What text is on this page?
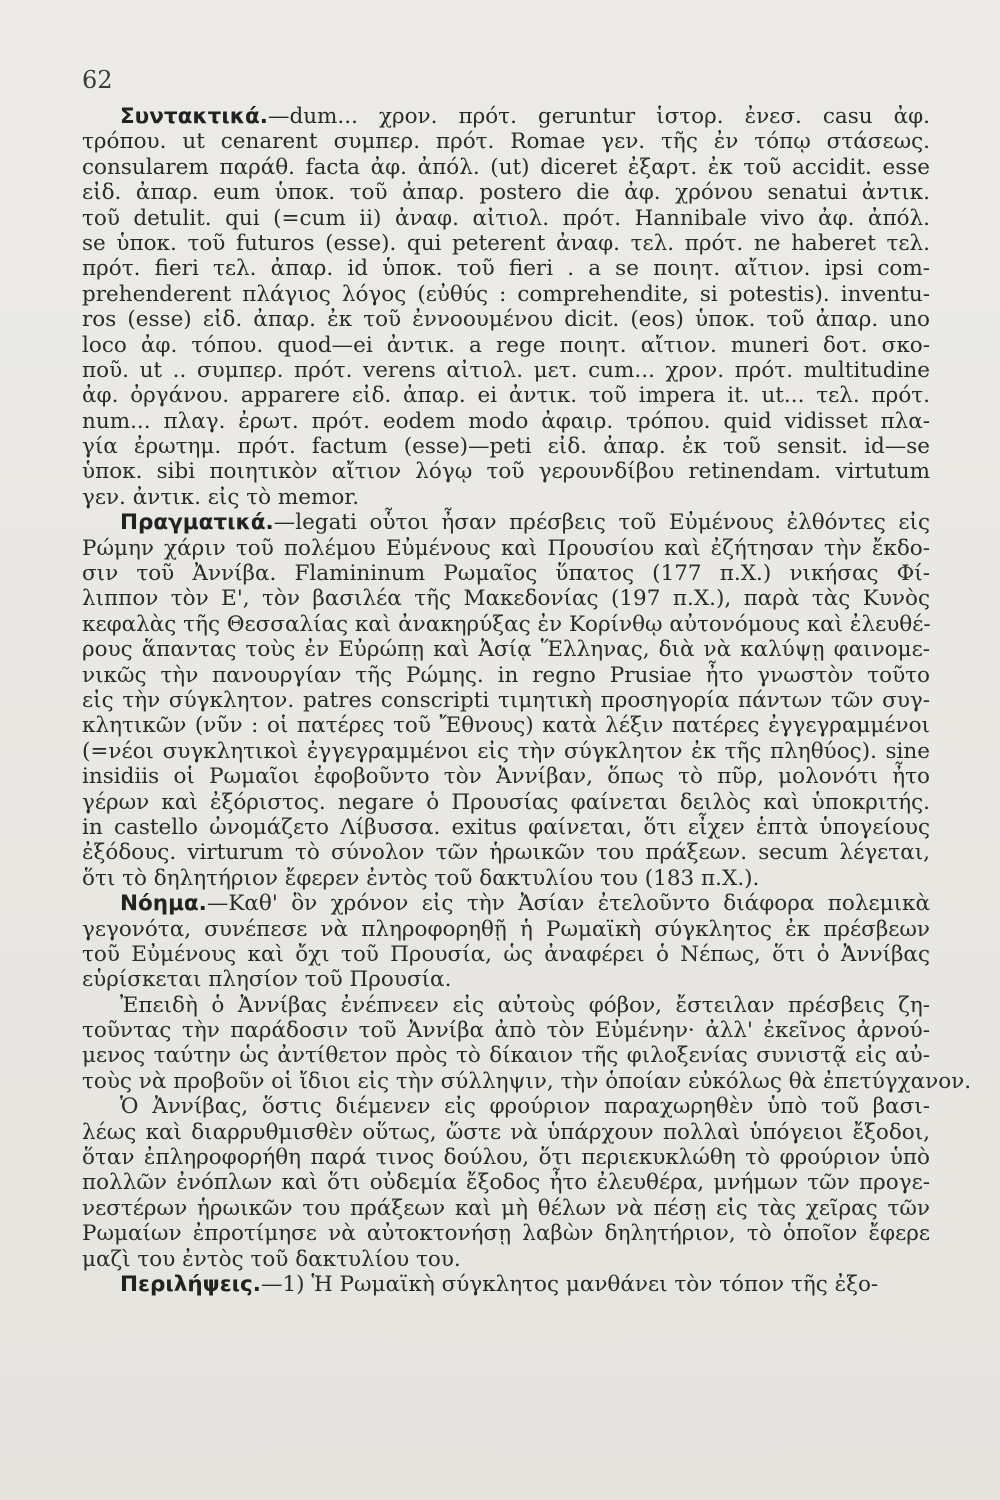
62
Συντακτικά.—dum... χρον. πρότ. geruntur ἱστορ. ἐνεσ. casu ἀφ.
τρόπου. ut cenarent συμπερ. πρότ. Romae γεν. τῆς ἐν τόπῳ στάσεως.
consularem παράθ. facta ἀφ. ἀπόλ. (ut) diceret ἐξαρτ. ἐκ τοῦ accidit. esse
εἰδ. ἀπαρ. eum ὑποκ. τοῦ ἀπαρ. postero die ἀφ. χρόνου senatui ἀντικ.
τοῦ detulit. qui (=cum ii) ἀναφ. αἰτιολ. πρότ. Hannibale vivo ἀφ. ἀπόλ.
se ὑποκ. τοῦ futuros (esse). qui peterent ἀναφ. τελ. πρότ. ne haberet τελ.
πρότ. fieri τελ. ἀπαρ. id ὑποκ. τοῦ fieri . a se ποιητ. αἴτιον. ipsi com-
prehenderent πλάγιος λόγος (εὐθύς : comprehendite, si potestis). inventu-
ros (esse) εἰδ. ἀπαρ. ἐκ τοῦ ἐννοουμένου dicit. (eos) ὑποκ. τοῦ ἀπαρ. uno
loco ἀφ. τόπου. quod—ei ἀντικ. a rege ποιητ. αἴτιον. muneri δοτ. σκο-
ποῦ. ut .. συμπερ. πρότ. verens αἰτιολ. μετ. cum... χρον. πρότ. multitudine
ἀφ. ὀργάνου. apparere εἰδ. ἀπαρ. ei ἀντικ. τοῦ impera it. ut... τελ. πρότ.
num... πλαγ. ἐρωτ. πρότ. eodem modo ἀφαιρ. τρόπου. quid vidisset πλα-
γία ἐρωτημ. πρότ. factum (esse)—peti εἰδ. ἀπαρ. ἐκ τοῦ sensit. id—se
ὑποκ. sibi ποιητικὸν αἴτιον λόγῳ τοῦ γερουνδίβου retinendam. virtutum
γεν. ἀντικ. εἰς τὸ memor.
Πραγματικά.—legati οὗτοι ἦσαν πρέσβεις τοῦ Εὐμένους ἐλθόντες εἰς
Ρώμην χάριν τοῦ πολέμου Εὐμένους καὶ Προυσίου καὶ ἐζήτησαν τὴν ἔκδο-
σιν τοῦ Ἀννίβα. Flamininum Ρωμαῖος ὕπατος (177 π.Χ.) νικήσας Φί-
λιππον τὸν Ε', τὸν βασιλέα τῆς Μακεδονίας (197 π.Χ.), παρὰ τὰς Κυνὸς
κεφαλὰς τῆς Θεσσαλίας καὶ ἀνακηρύξας ἐν Κορίνθῳ αὐτονόμους καὶ ἐλευθέ-
ρους ἅπαντας τοὺς ἐν Εὐρώπῃ καὶ Ἀσίᾳ Ἕλληνας, διὰ νὰ καλύψῃ φαινομε-
νικῶς τὴν πανουργίαν τῆς Ρώμης. in regno Prusiae ἦτο γνωστὸν τοῦτο
εἰς τὴν σύγκλητον. patres conscripti τιμητικὴ προσηγορία πάντων τῶν συγ-
κλητικῶν (νῦν : οἱ πατέρες τοῦ Ἔθνους) κατὰ λέξιν πατέρες ἐγγεγραμμένοι
(=νέοι συγκλητικοὶ ἐγγεγραμμένοι εἰς τὴν σύγκλητον ἐκ τῆς πληθύος). sine
insidiis οἱ Ρωμαῖοι ἐφοβοῦντο τὸν Ἀννίβαν, ὅπως τὸ πῦρ, μολονότι ἦτο
γέρων καὶ ἐξόριστος. negare ὁ Προυσίας φαίνεται δειλὸς καὶ ὑποκριτής.
in castello ὠνομάζετο Λίβυσσα. exitus φαίνεται, ὅτι εἶχεν ἑπτὰ ὑπογείους
ἐξόδους. virturum τὸ σύνολον τῶν ἡρωικῶν του πράξεων. secum λέγεται,
ὅτι τὸ δηλητήριον ἔφερεν ἐντὸς τοῦ δακτυλίου του (183 π.Χ.).
Νόημα.—Καθ' ὃν χρόνον εἰς τὴν Ἀσίαν ἐτελοῦντο διάφορα πολεμικὰ
γεγονότα, συνέπεσε νὰ πληροφορηθῇ ἡ Ρωμαϊκὴ σύγκλητος ἐκ πρέσβεων
τοῦ Εὐμένους καὶ ὄχι τοῦ Προυσία, ὡς ἀναφέρει ὁ Νέπως, ὅτι ὁ Ἀννίβας
εὑρίσκεται πλησίον τοῦ Προυσία.
Ἐπειδὴ ὁ Ἀννίβας ἐνέπνεεν εἰς αὐτοὺς φόβον, ἔστειλαν πρέσβεις ζη-
τοῦντας τὴν παράδοσιν τοῦ Ἀννίβα ἀπὸ τὸν Εὐμένην· ἀλλ' ἐκεῖνος ἀρνού-
μενος ταύτην ὡς ἀντίθετον πρὸς τὸ δίκαιον τῆς φιλοξενίας συνιστᾷ εἰς αὐ-
τοὺς νὰ προβοῦν οἱ ἴδιοι εἰς τὴν σύλληψιν, τὴν ὁποίαν εὐκόλως θὰ ἐπετύγχανον.
Ὁ Ἀννίβας, ὅστις διέμενεν εἰς φρούριον παραχωρηθὲν ὑπὸ τοῦ βασι-
λέως καὶ διαρρυθμισθὲν οὕτως, ὥστε νὰ ὑπάρχουν πολλαὶ ὑπόγειοι ἔξοδοι,
ὅταν ἐπληροφορήθη παρά τινος δούλου, ὅτι περιεκυκλώθη τὸ φρούριον ὑπὸ
πολλῶν ἐνόπλων καὶ ὅτι οὐδεμία ἔξοδος ἦτο ἐλευθέρα, μνήμων τῶν προγε-
νεστέρων ἡρωικῶν του πράξεων καὶ μὴ θέλων νὰ πέσῃ εἰς τὰς χεῖρας τῶν
Ρωμαίων ἐπροτίμησε νὰ αὐτοκτονήσῃ λαβὼν δηλητήριον, τὸ ὁποῖον ἔφερε
μαζὶ του ἐντὸς τοῦ δακτυλίου του.
Περιλήψεις.—1) Ἡ Ρωμαϊκὴ σύγκλητος μανθάνει τὸν τόπον τῆς ἐξο-
